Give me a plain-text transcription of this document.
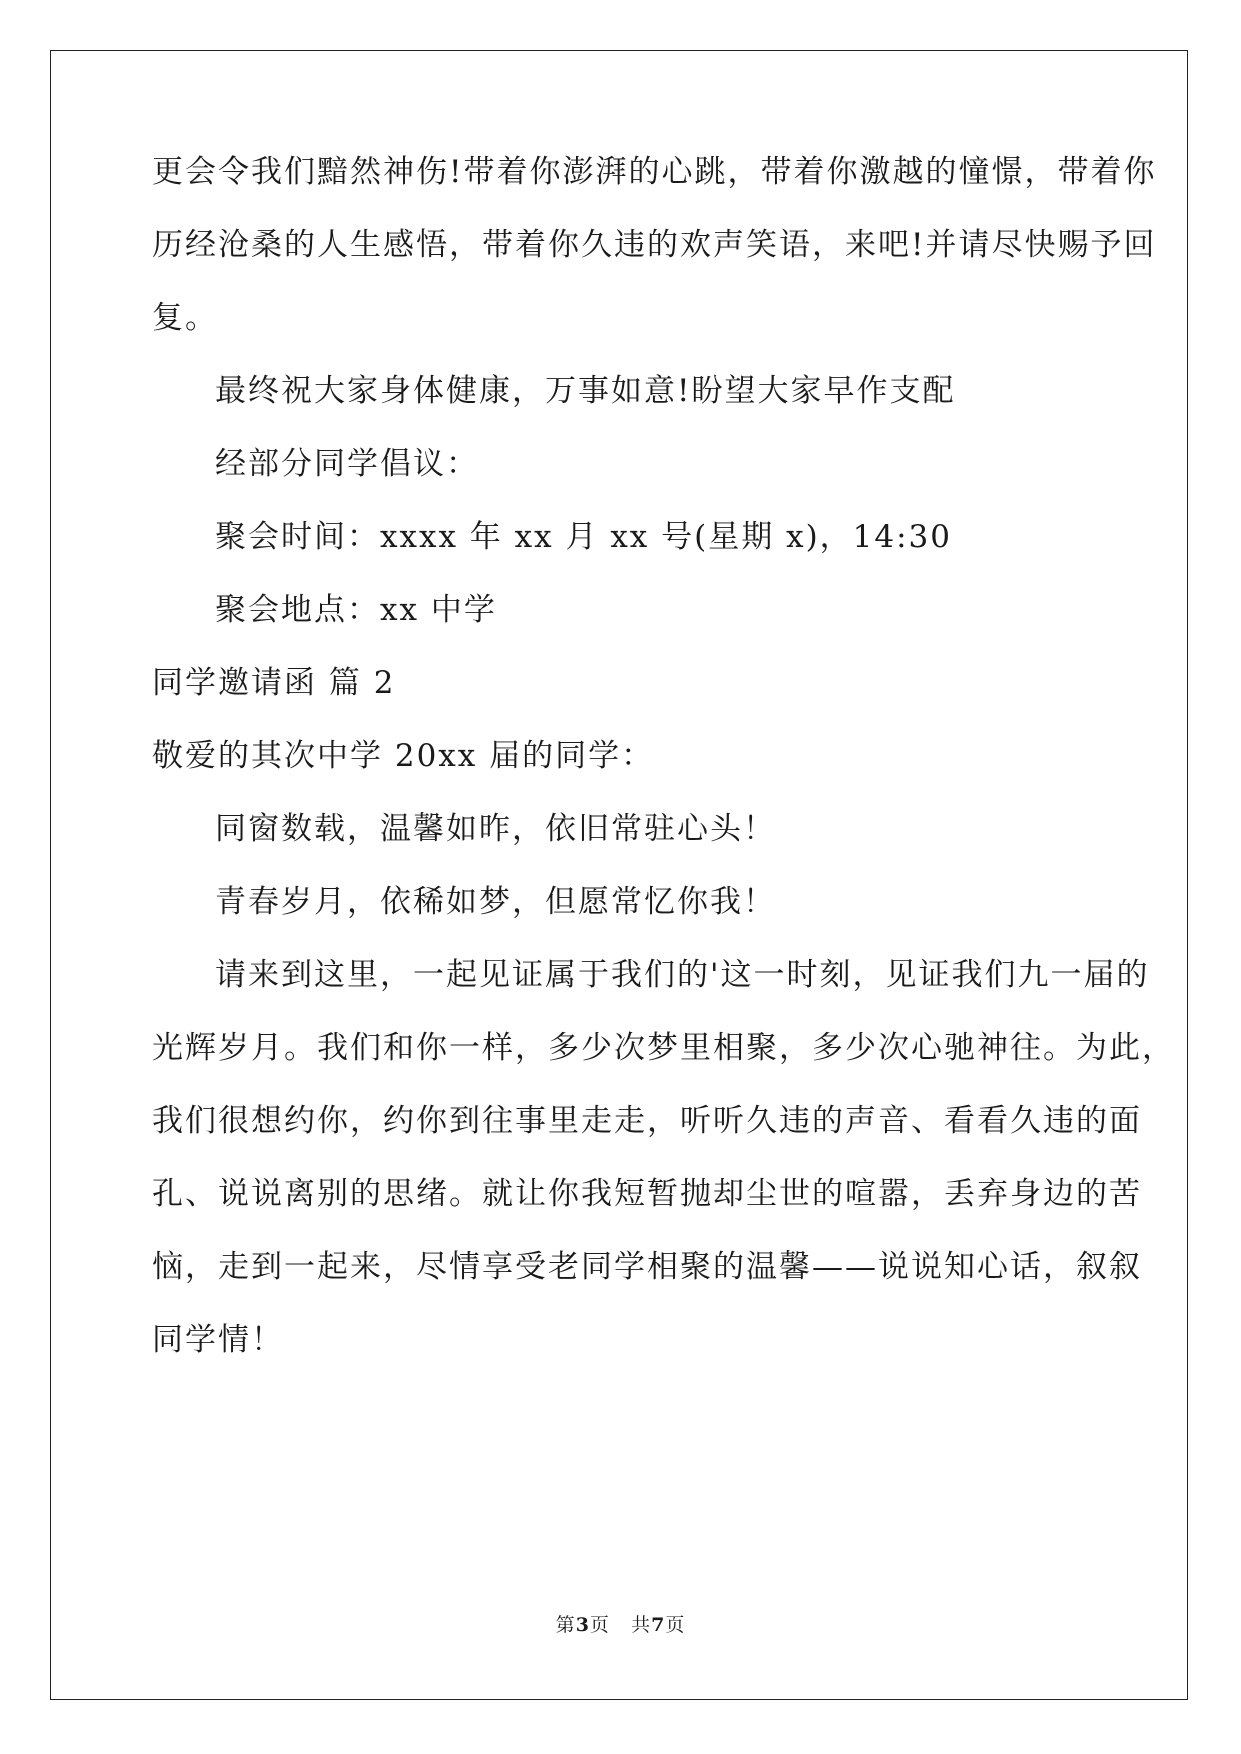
更会令我们黯然神伤!带着你澎湃的心跳，带着你激越的憧憬，带着你
历经沧桑的人生感悟，带着你久违的欢声笑语，来吧!并请尽快赐予回
复。
最终祝大家身体健康，万事如意!盼望大家早作支配
经部分同学倡议：
聚会时间：xxxx 年 xx 月 xx 号(星期 x)，14:30
聚会地点：xx 中学
同学邀请函 篇 2
敬爱的其次中学 20xx 届的同学：
同窗数载，温馨如昨，依旧常驻心头！
青春岁月，依稀如梦，但愿常忆你我！
请来到这里，一起见证属于我们的'这一时刻，见证我们九一届的
光辉岁月。我们和你一样，多少次梦里相聚，多少次心驰神往。为此，
我们很想约你，约你到往事里走走，听听久违的声音、看看久违的面
孔、说说离别的思绪。就让你我短暂抛却尘世的喧嚣，丢弃身边的苦
恼，走到一起来，尽情享受老同学相聚的温馨——说说知心话，叙叙
同学情！
第3页 共7页
